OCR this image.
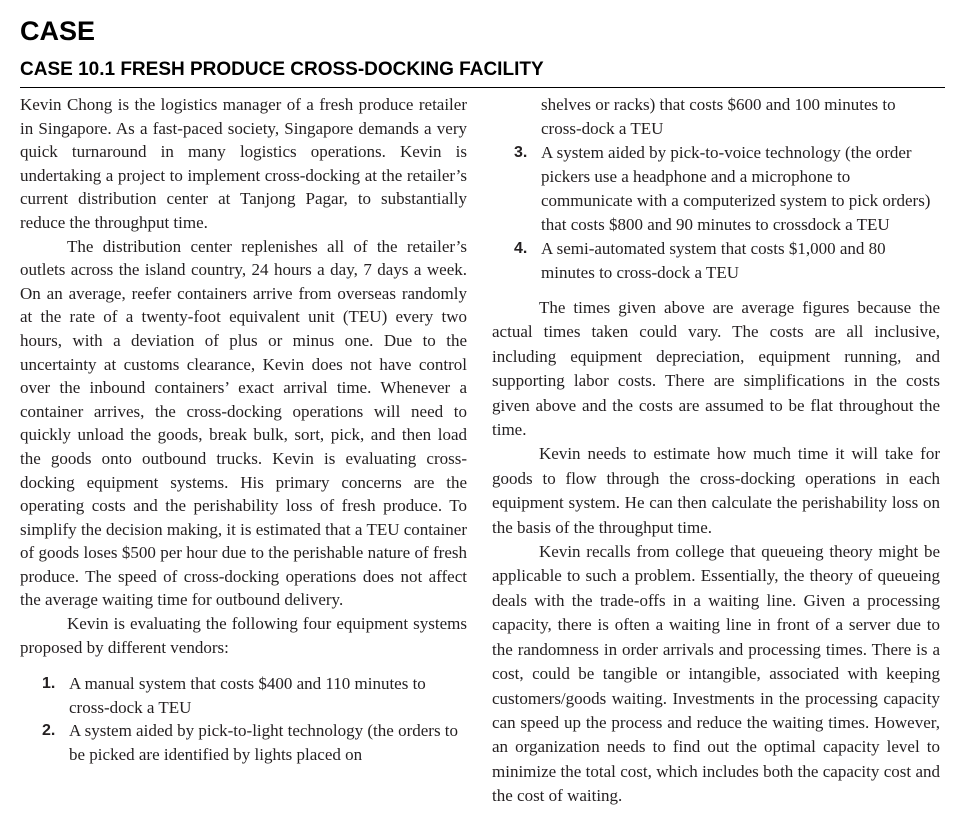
CASE
CASE 10.1 FRESH PRODUCE CROSS-DOCKING FACILITY

Kevin Chong is the logistics manager of a fresh produce retailer in Singapore. As a fast-paced society, Singapore demands a very quick turnaround in many logistics operations. Kevin is undertaking a project to implement cross-docking at the retailer’s current distribution center at Tanjong Pagar, to substantially reduce the throughput time.

The distribution center replenishes all of the retailer’s outlets across the island country, 24 hours a day, 7 days a week. On an average, reefer containers arrive from overseas randomly at the rate of a twenty-foot equivalent unit (TEU) every two hours, with a deviation of plus or minus one. Due to the uncertainty at customs clearance, Kevin does not have control over the inbound containers’ exact arrival time. Whenever a container arrives, the cross-docking operations will need to quickly unload the goods, break bulk, sort, pick, and then load the goods onto outbound trucks. Kevin is evaluating cross-docking equipment systems. His primary concerns are the operating costs and the perishability loss of fresh produce. To simplify the decision making, it is estimated that a TEU container of goods loses $500 per hour due to the perishable nature of fresh produce. The speed of cross-docking operations does not affect the average waiting time for outbound delivery.

Kevin is evaluating the following four equipment systems proposed by different vendors:

1. A manual system that costs $400 and 110 minutes to cross-dock a TEU
2. A system aided by pick-to-light technology (the orders to be picked are identified by lights placed on
shelves or racks) that costs $600 and 100 minutes to cross-dock a TEU
3. A system aided by pick-to-voice technology (the order pickers use a headphone and a microphone to communicate with a computerized system to pick orders) that costs $800 and 90 minutes to crossdock a TEU
4. A semi-automated system that costs $1,000 and 80 minutes to cross-dock a TEU

The times given above are average figures because the actual times taken could vary. The costs are all inclusive, including equipment depreciation, equipment running, and supporting labor costs. There are simplifications in the costs given above and the costs are assumed to be flat throughout the time.

Kevin needs to estimate how much time it will take for goods to flow through the cross-docking operations in each equipment system. He can then calculate the perishability loss on the basis of the throughput time.

Kevin recalls from college that queueing theory might be applicable to such a problem. Essentially, the theory of queueing deals with the trade-offs in a waiting line. Given a processing capacity, there is often a waiting line in front of a server due to the randomness in order arrivals and processing times. There is a cost, could be tangible or intangible, associated with keeping customers/goods waiting. Investments in the processing capacity can speed up the process and reduce the waiting times. However, an organization needs to find out the optimal capacity level to minimize the total cost, which includes both the capacity cost and the cost of waiting.
